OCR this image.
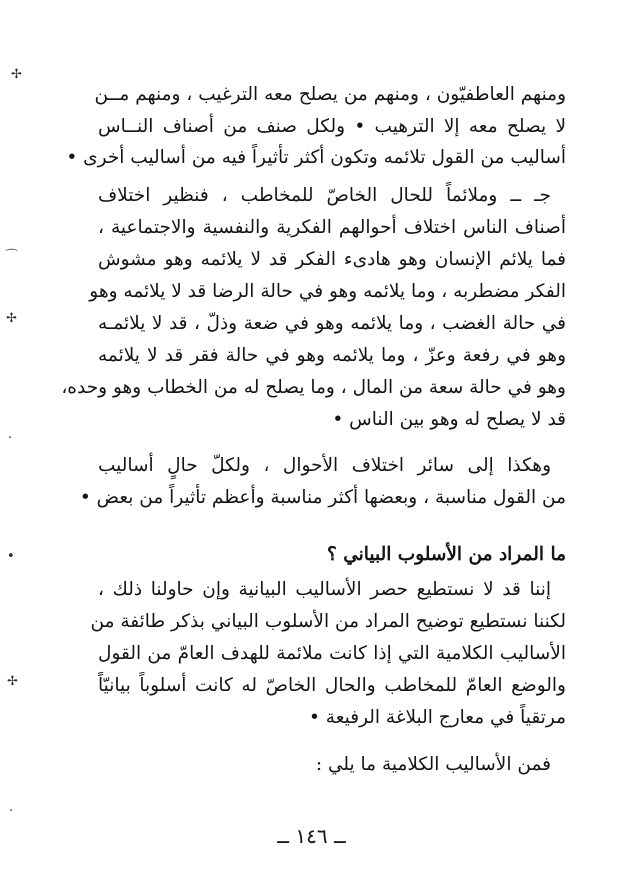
ومنهم العاطفيّون ، ومنهم من يصلح معه الترغيب ، ومنهم مــن
لا يصلح معه إلا الترهيب • ولكل صنف من أصناف النــاس
أساليب من القول تلائمه وتكون أكثر تأثيراً فيه من أساليب أخرى •
جـ ــ وملائماً للحال الخاصّ للمخاطب ، فنظير اختلاف
أصناف الناس اختلاف أحوالهم الفكرية والنفسية والاجتماعية ،
فما يلائم الإنسان وهو هادىء الفكر قد لا يلائمه وهو مشوش
الفكر مضطربه ، وما يلائمه وهو في حالة الرضا قد لا يلائمه وهو
في حالة الغضب ، وما يلائمه وهو في ضعة وذلّ ، قد لا يلائمـه
وهو في رفعة وعزّ ، وما يلائمه وهو في حالة فقر قد لا يلائمه
وهو في حالة سعة من المال ، وما يصلح له من الخطاب وهو وحده،
قد لا يصلح له وهو بين الناس •
وهكذا إلى سائر اختلاف الأحوال ، ولكلّ حالٍ أساليب
من القول مناسبة ، وبعضها أكثر مناسبة وأعظم تأثيراً من بعض •
ما المراد من الأسلوب البياني ؟
إننا قد لا نستطيع حصر الأساليب البيانية وإن حاولنا ذلك ،
لكننا نستطيع توضيح المراد من الأسلوب البياني بذكر طائفة من
الأساليب الكلامية التي إذا كانت ملائمة للهدف العامّ من القول
والوضع العامّ للمخاطب والحال الخاصّ له كانت أسلوباً بيانيّاً
مرتقياً في معارج البلاغة الرفيعة •
فمن الأساليب الكلامية ما يلي :
ــ ١٤٦ ــ
✢
⌒
✢
·
•
✢
·
